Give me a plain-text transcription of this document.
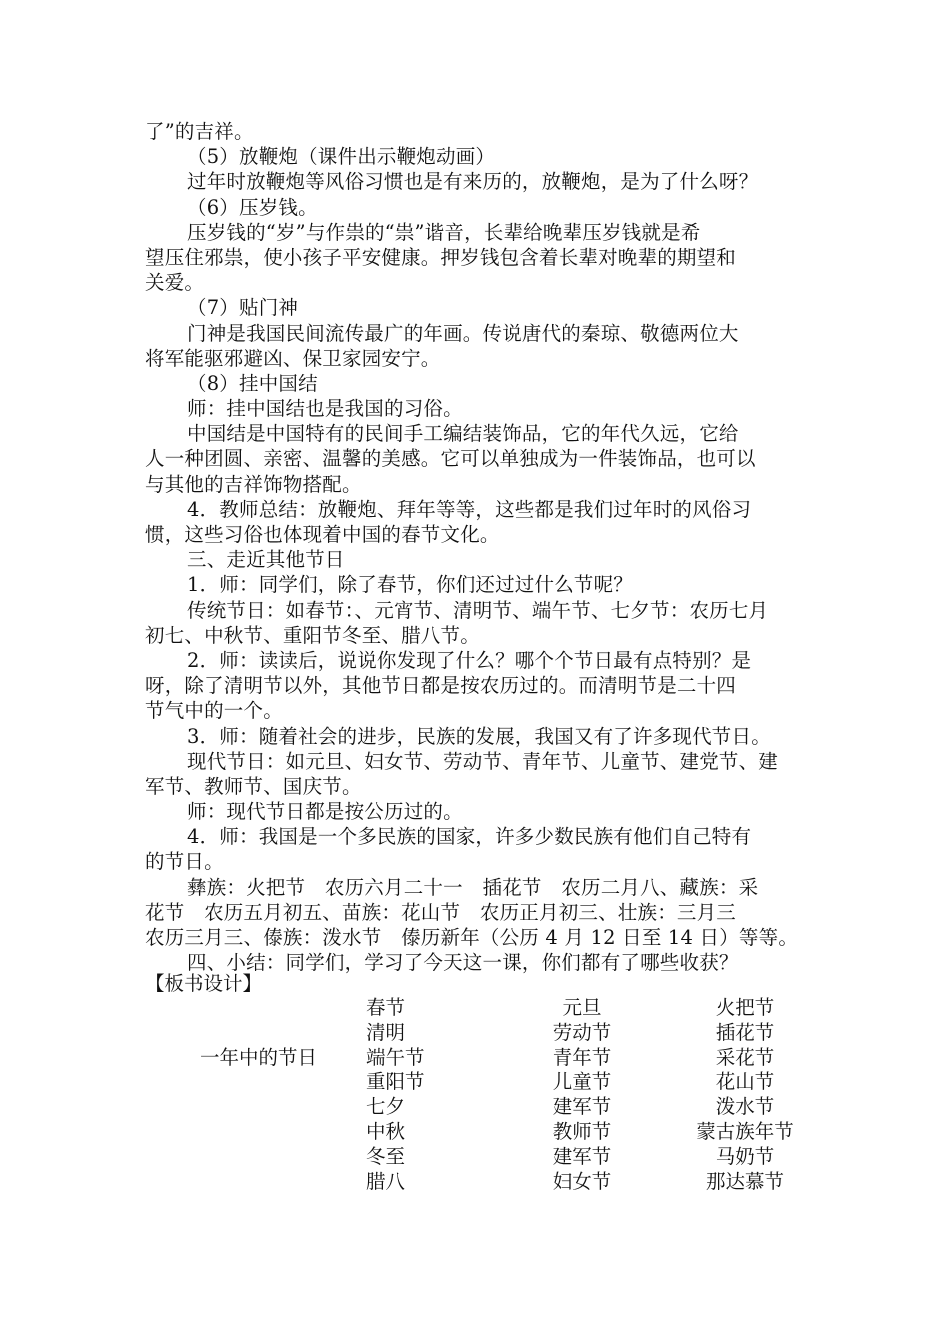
了”的吉祥。
（5）放鞭炮（课件出示鞭炮动画）
过年时放鞭炮等风俗习惯也是有来历的，放鞭炮，是为了什么呀？
（6）压岁钱。
压岁钱的“岁”与作祟的“祟”谐音，长辈给晚辈压岁钱就是希
望压住邪祟，使小孩子平安健康。押岁钱包含着长辈对晚辈的期望和
关爱。
（7）贴门神
门神是我国民间流传最广的年画。传说唐代的秦琼、敬德两位大
将军能驱邪避凶、保卫家园安宁。
（8）挂中国结
师：挂中国结也是我国的习俗。
中国结是中国特有的民间手工编结装饰品，它的年代久远，它给
人一种团圆、亲密、温馨的美感。它可以单独成为一件装饰品，也可以
与其他的吉祥饰物搭配。
4．教师总结：放鞭炮、拜年等等，这些都是我们过年时的风俗习
惯，这些习俗也体现着中国的春节文化。
三、走近其他节日
1．师：同学们，除了春节，你们还过过什么节呢？
传统节日：如春节：、元宵节、清明节、端午节、七夕节：农历七月
初七、中秋节、重阳节冬至、腊八节。
2．师：读读后，说说你发现了什么？哪个个节日最有点特别？是
呀，除了清明节以外，其他节日都是按农历过的。而清明节是二十四
节气中的一个。
3．师：随着社会的进步，民族的发展，我国又有了许多现代节日。
现代节日：如元旦、妇女节、劳动节、青年节、儿童节、建党节、建
军节、教师节、国庆节。
师：现代节日都是按公历过的。
4．师：我国是一个多民族的国家，许多少数民族有他们自己特有
的节日。
彝族：火把节　农历六月二十一　插花节　农历二月八、藏族：采
花节　农历五月初五、苗族：花山节　农历正月初三、壮族：三月三
农历三月三、傣族：泼水节　傣历新年（公历 4 月 12 日至 14 日）等等。
四、小结：同学们，学习了今天这一课，你们都有了哪些收获？
【板书设计】
一年中的节日
春节
清明
端午节
重阳节
七夕
中秋
冬至
腊八
元旦
劳动节
青年节
儿童节
建军节
教师节
建军节
妇女节
火把节
插花节
采花节
花山节
泼水节
蒙古族年节
马奶节
那达慕节
